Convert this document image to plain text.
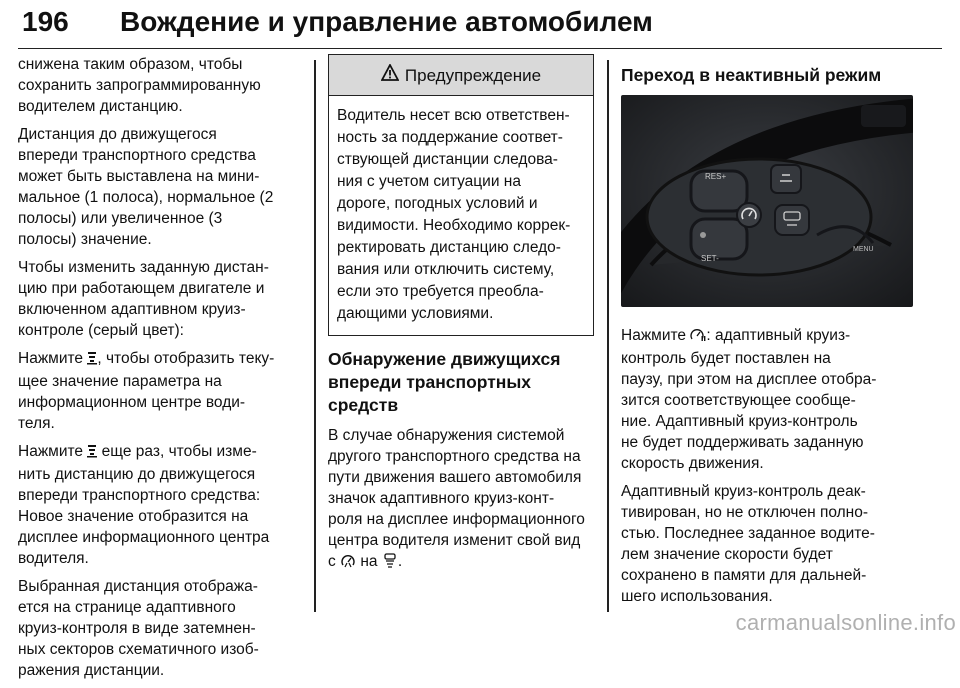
196 Вождение и управление автомобилем

снижена таким образом, чтобы
сохранить запрограммированную
водителем дистанцию.

Дистанция до движущегося
впереди транспортного средства
может быть выставлена на мини-
мальное (1 полоса), нормальное (2
полосы) или увеличенное (3
полосы) значение.

Чтобы изменить заданную дистан-
цию при работающем двигателе и
включенном адаптивном круиз-
контроле (серый цвет):

Нажмите , чтобы отобразить теку-
щее значение параметра на
информационном центре води-
теля.

Нажмите  еще раз, чтобы изме-
нить дистанцию до движущегося
впереди транспортного средства:
Новое значение отобразится на
дисплее информационного центра
водителя.

Выбранная дистанция отобража-
ется на странице адаптивного
круиз-контроля в виде затемнен-
ных секторов схематичного изоб-
ражения дистанции.

Предупреждение
Водитель несет всю ответствен-
ность за поддержание соответ-
ствующей дистанции следова-
ния с учетом ситуации на
дороге, погодных условий и
видимости. Необходимо коррек-
ректировать дистанцию следо-
вания или отключить систему,
если это требуется преобла-
дающими условиями.
Обнаружение движущихся
впереди транспортных средств

В случае обнаружения системой
другого транспортного средства на
пути движения вашего автомобиля
значок адаптивного круиз-конт-
роля на дисплее информационного
центра водителя изменит свой вид
с  на .

Переход в неактивный режим
RES+
SET-
MENU

Нажмите : адаптивный круиз-
контроль будет поставлен на
паузу, при этом на дисплее отобра-
зится соответствующее сообще-
ние. Адаптивный круиз-контроль
не будет поддерживать заданную
скорость движения.

Адаптивный круиз-контроль деак-
тивирован, но не отключен полно-
стью. Последнее заданное водите-
лем значение скорости будет
сохранено в памяти для дальней-
шего использования.

carmanualsonline.info
